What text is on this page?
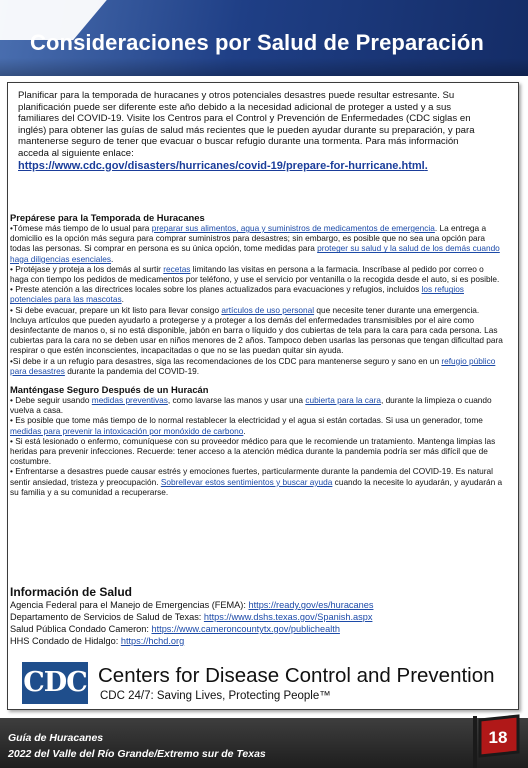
Consideraciones por Salud de Preparación
Planificar para la temporada de huracanes y otros potenciales desastres puede resultar estresante. Su planificación puede ser diferente este año debido a la necesidad adicional de proteger a usted y a sus familiares del COVID-19. Visite los Centros para el Control y Prevención de Enfermedades (CDC siglas en inglés) para obtener las guías de salud más recientes que le pueden ayudar durante su preparación, y para mantenerse seguro de tener que evacuar o buscar refugio durante una tormenta. Para más información acceda al siguiente enlace:
https://www.cdc.gov/disasters/hurricanes/covid-19/prepare-for-hurricane.html.
Prepárese para la Temporada de Huracanes

•Tómese más tiempo de lo usual para preparar sus alimentos, agua y suministros de medicamentos de emergencia. La entrega a domicilio es la opción más segura para comprar suministros para desastres; sin embargo, es posible que no sea una opción para todas las personas. Si comprar en persona es su única opción, tome medidas para proteger su salud y la salud de los demás cuando haga diligencias esenciales.

• Protéjase y proteja a los demás al surtir recetas limitando las visitas en persona a la farmacia. Inscríbase al pedido por correo o haga con tiempo los pedidos de medicamentos por teléfono, y use el servicio por ventanilla o la recogida desde el auto, si es posible.

• Preste atención a las directrices locales sobre los planes actualizados para evacuaciones y refugios, incluidos los refugios potenciales para las mascotas.

• Si debe evacuar, prepare un kit listo para llevar consigo artículos de uso personal que necesite tener durante una emergencia. Incluya artículos que pueden ayudarlo a protegerse y a proteger a los demás del enfermedades transmisibles por el aire como desinfectante de manos o, si no está disponible, jabón en barra o líquido y dos cubiertas de tela para la cara para cada persona. Las cubiertas para la cara no se deben usar en niños menores de 2 años. Tampoco deben usarlas las personas que tengan dificultad para respirar o que estén inconscientes, incapacitadas o que no se las puedan quitar sin ayuda.

•Si debe ir a un refugio para desastres, siga las recomendaciones de los CDC para mantenerse seguro y sano en un refugio público para desastres durante la pandemia del COVID-19.

Manténgase Seguro Después de un Huracán

• Debe seguir usando medidas preventivas, como lavarse las manos y usar una cubierta para la cara, durante la limpieza o cuando vuelva a casa.

• Es posible que tome más tiempo de lo normal restablecer la electricidad y el agua si están cortadas. Si usa un generador, tome medidas para prevenir la intoxicación por monóxido de carbono.

• Si está lesionado o enfermo, comuníquese con su proveedor médico para que le recomiende un tratamiento. Mantenga limpias las heridas para prevenir infecciones. Recuerde: tener acceso a la atención médica durante la pandemia podría ser más difícil que de costumbre.

• Enfrentarse a desastres puede causar estrés y emociones fuertes, particularmente durante la pandemia del COVID-19. Es natural sentir ansiedad, tristeza y preocupación. Sobrellevar estos sentimientos y buscar ayuda cuando la necesite lo ayudarán, y ayudarán a su familia y a su comunidad a recuperarse.

Información de Salud
Agencia Federal para el Manejo de Emergencias (FEMA): https://ready.gov/es/huracanes
Departamento de Servicios de Salud de Texas: https://www.dshs.texas.gov/Spanish.aspx
Salud Pública Condado Cameron: https://www.cameroncountytx.gov/publichealth
HHS Condado de Hidalgo: https://hchd.org
CDC Centers for Disease Control and Prevention
CDC 24/7: Saving Lives, Protecting People™
Guía de Huracanes
2022 del Valle del Río Grande/Extremo sur de Texas
18
